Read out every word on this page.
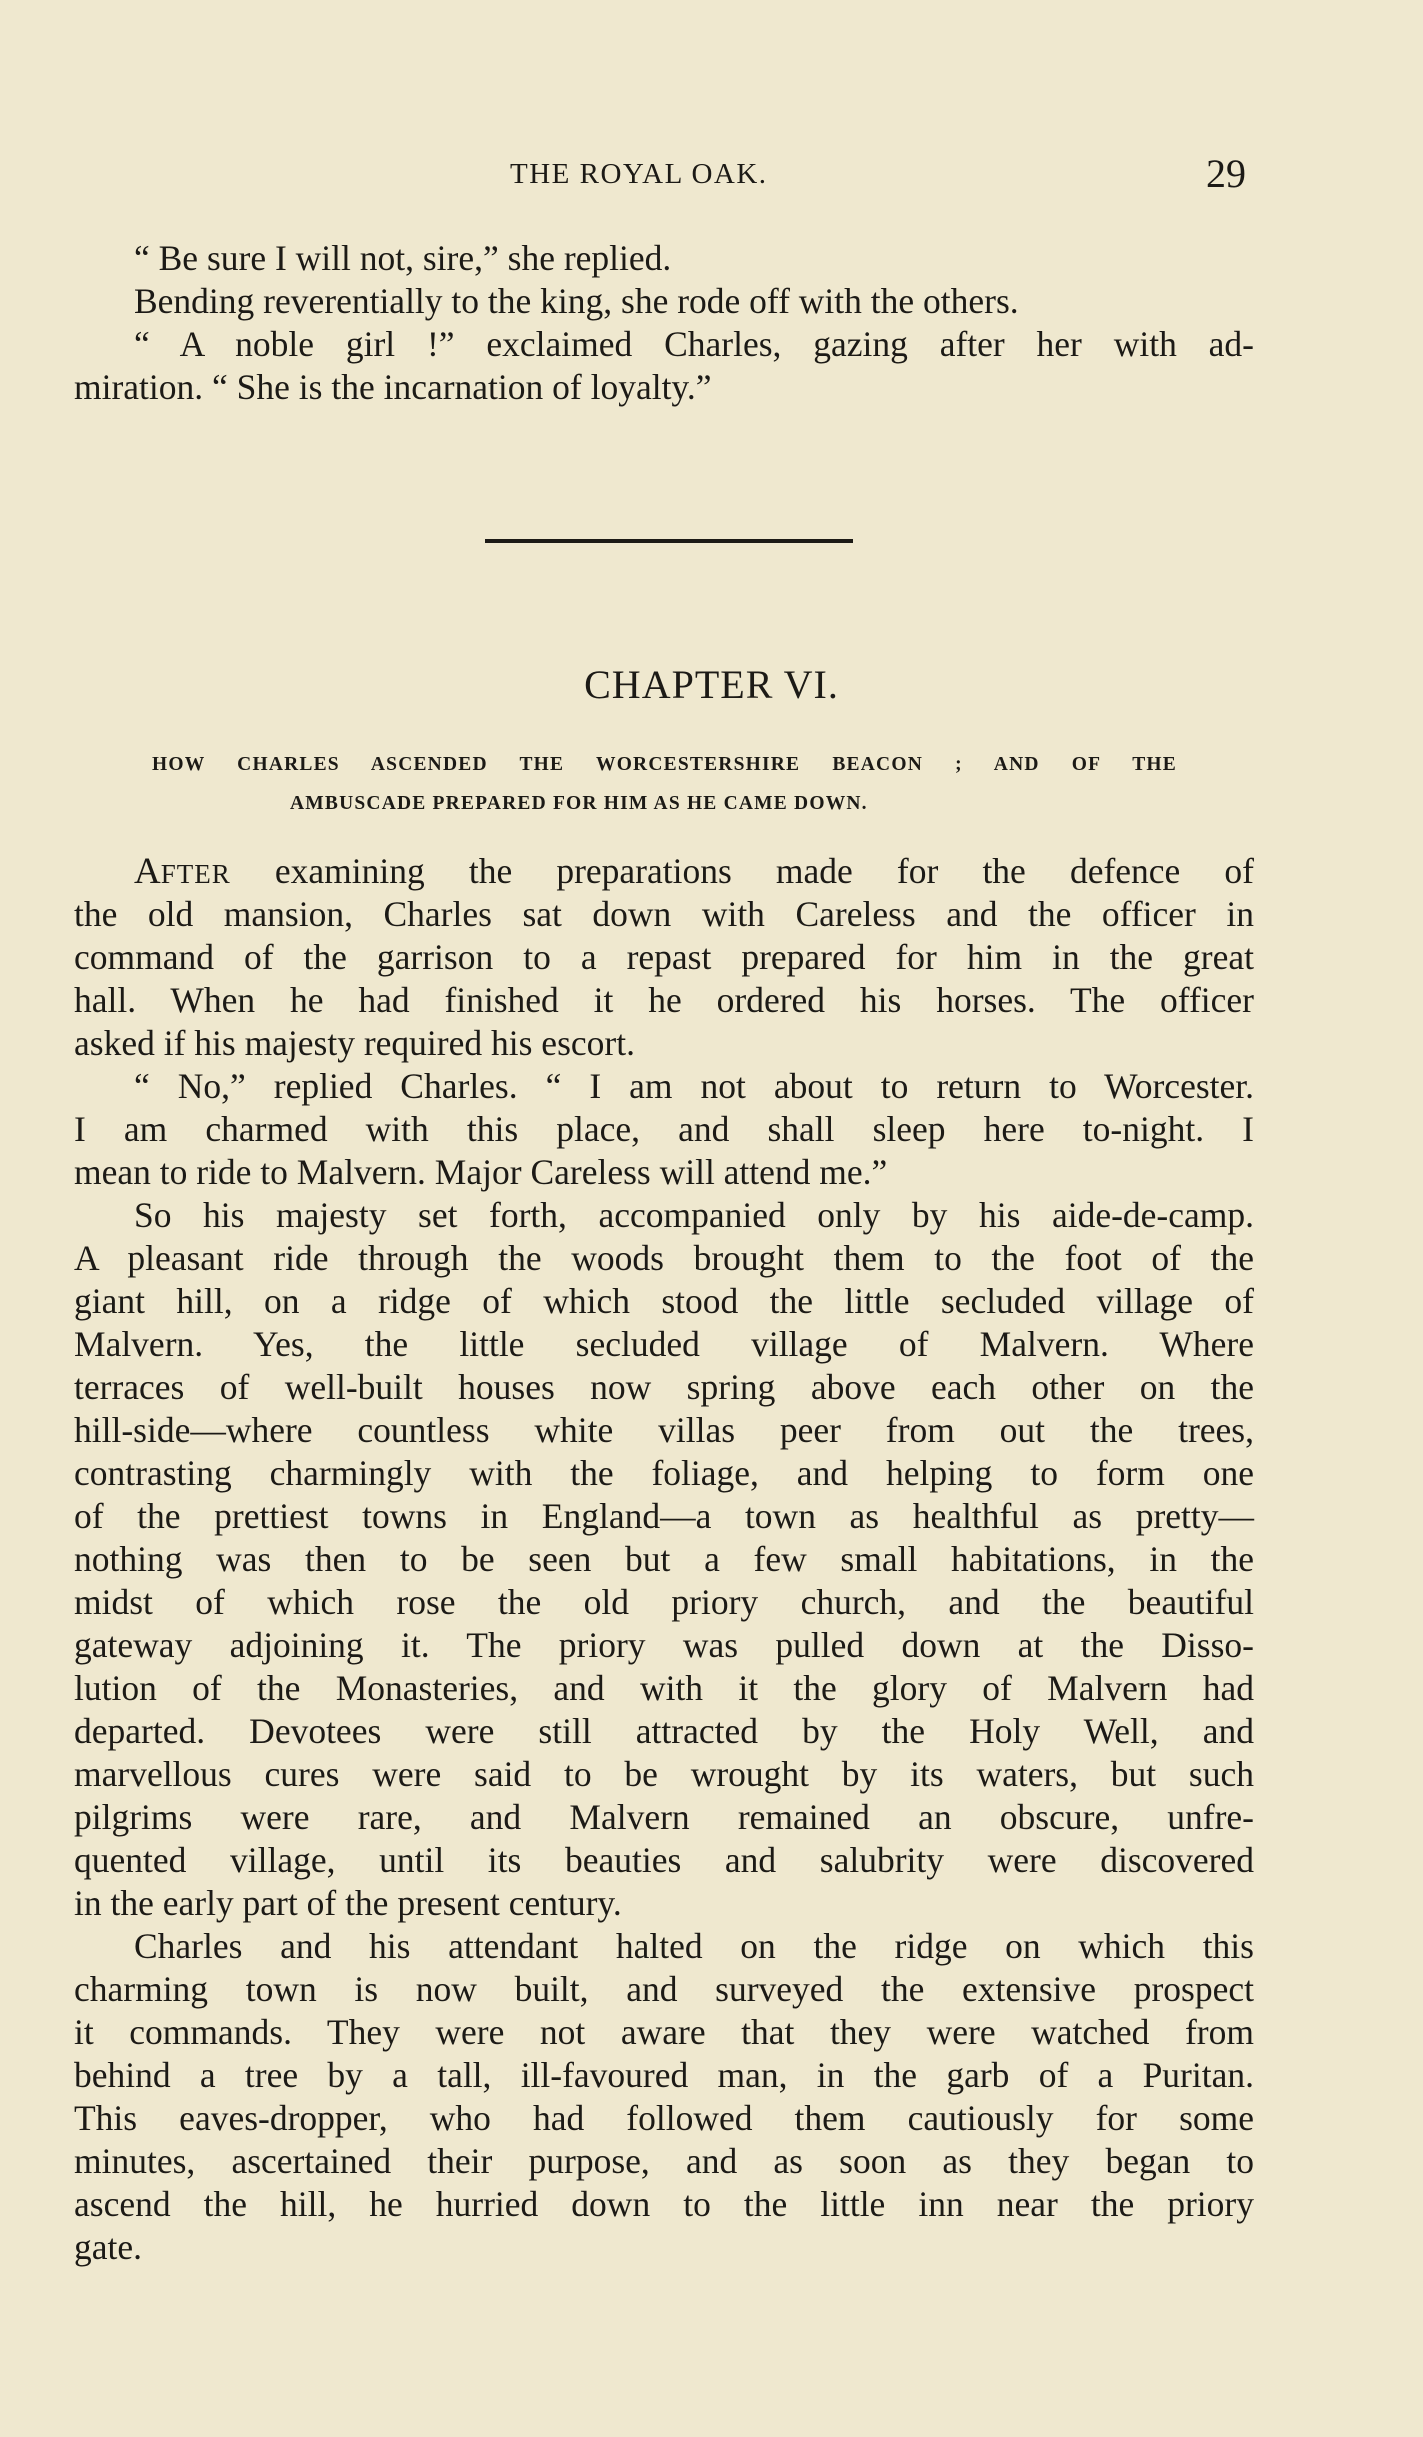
THE ROYAL OAK.	29
“ Be sure I will not, sire,” she replied.
Bending reverentially to the king, she rode off with the others.
“ A noble girl !” exclaimed Charles, gazing after her with ad-
miration. “ She is the incarnation of loyalty.”
CHAPTER VI.
HOW CHARLES ASCENDED THE WORCESTERSHIRE BEACON ; AND OF THE
AMBUSCADE PREPARED FOR HIM AS HE CAME DOWN.
AFTER examining the preparations made for the defence of
the old mansion, Charles sat down with Careless and the officer in
command of the garrison to a repast prepared for him in the great
hall. When he had finished it he ordered his horses. The officer
asked if his majesty required his escort.
“ No,” replied Charles. “ I am not about to return to Worcester.
I am charmed with this place, and shall sleep here to-night. I
mean to ride to Malvern. Major Careless will attend me.”
So his majesty set forth, accompanied only by his aide-de-camp.
A pleasant ride through the woods brought them to the foot of the
giant hill, on a ridge of which stood the little secluded village of
Malvern. Yes, the little secluded village of Malvern. Where
terraces of well-built houses now spring above each other on the
hill-side—where countless white villas peer from out the trees,
contrasting charmingly with the foliage, and helping to form one
of the prettiest towns in England—a town as healthful as pretty—
nothing was then to be seen but a few small habitations, in the
midst of which rose the old priory church, and the beautiful
gateway adjoining it. The priory was pulled down at the Disso-
lution of the Monasteries, and with it the glory of Malvern had
departed. Devotees were still attracted by the Holy Well, and
marvellous cures were said to be wrought by its waters, but such
pilgrims were rare, and Malvern remained an obscure, unfre-
quented village, until its beauties and salubrity were discovered
in the early part of the present century.
Charles and his attendant halted on the ridge on which this
charming town is now built, and surveyed the extensive prospect
it commands. They were not aware that they were watched from
behind a tree by a tall, ill-favoured man, in the garb of a Puritan.
This eaves-dropper, who had followed them cautiously for some
minutes, ascertained their purpose, and as soon as they began to
ascend the hill, he hurried down to the little inn near the priory
gate.
